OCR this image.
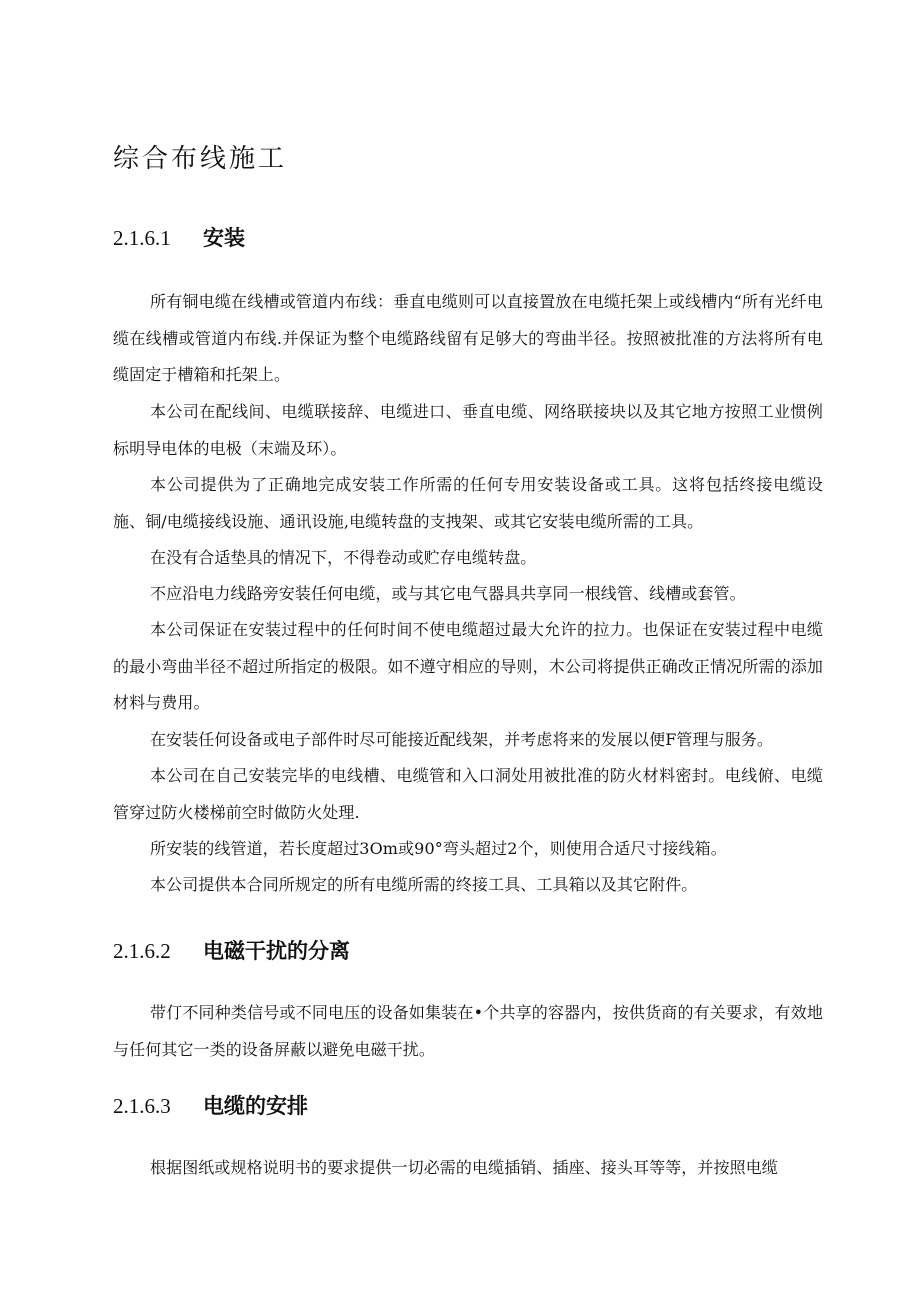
综合布线施工
2.1.6.1	安装

所有铜电缆在线槽或管道内布线：垂直电缆则可以直接置放在电缆托架上或线槽内“所有光纤电缆在线槽或管道内布线.并保证为整个电缆路线留有足够大的弯曲半径。按照被批准的方法将所有电缆固定于槽箱和托架上。

本公司在配线间、电缆联接辞、电缆进口、垂直电缆、网络联接块以及其它地方按照工业惯例标明导电体的电极（末端及环）。

本公司提供为了正确地完成安装工作所需的任何专用安装设备或工具。这将包括终接电缆设施、铜/电缆接线设施、通讯设施,电缆转盘的支拽架、或其它安装电缆所需的工具。

在没有合适垫具的情况下，不得卷动或贮存电缆转盘。

不应沿电力线路旁安装任何电缆，或与其它电气器具共享同一根线管、线槽或套管。

本公司保证在安装过程中的任何时间不使电缆超过最大允许的拉力。也保证在安装过程中电缆的最小弯曲半径不超过所指定的极限。如不遵守相应的导则，木公司将提供正确改正情况所需的添加材料与费用。

在安装任何设备或电子部件时尽可能接近配线架，并考虑将来的发展以便F管理与服务。

本公司在自己安装完毕的电线槽、电缆管和入口洞处用被批准的防火材料密封。电线俯、电缆管穿过防火楼梯前空时做防火处理.

所安装的线管道，若长度超过3Om或90°弯头超过2个，则使用合适尺寸接线箱。

本公司提供本合同所规定的所有电缆所需的终接工具、工具箱以及其它附件。

2.1.6.2	电磁干扰的分离

带仃不同种类信号或不同电压的设备如集装在•个共享的容器内，按供货商的有关要求，有效地与任何其它一类的设备屏蔽以避免电磁干扰。

2.1.6.3	电缆的安排

根据图纸或规格说明书的要求提供一切必需的电缆插销、插座、接头耳等等，并按照电缆
